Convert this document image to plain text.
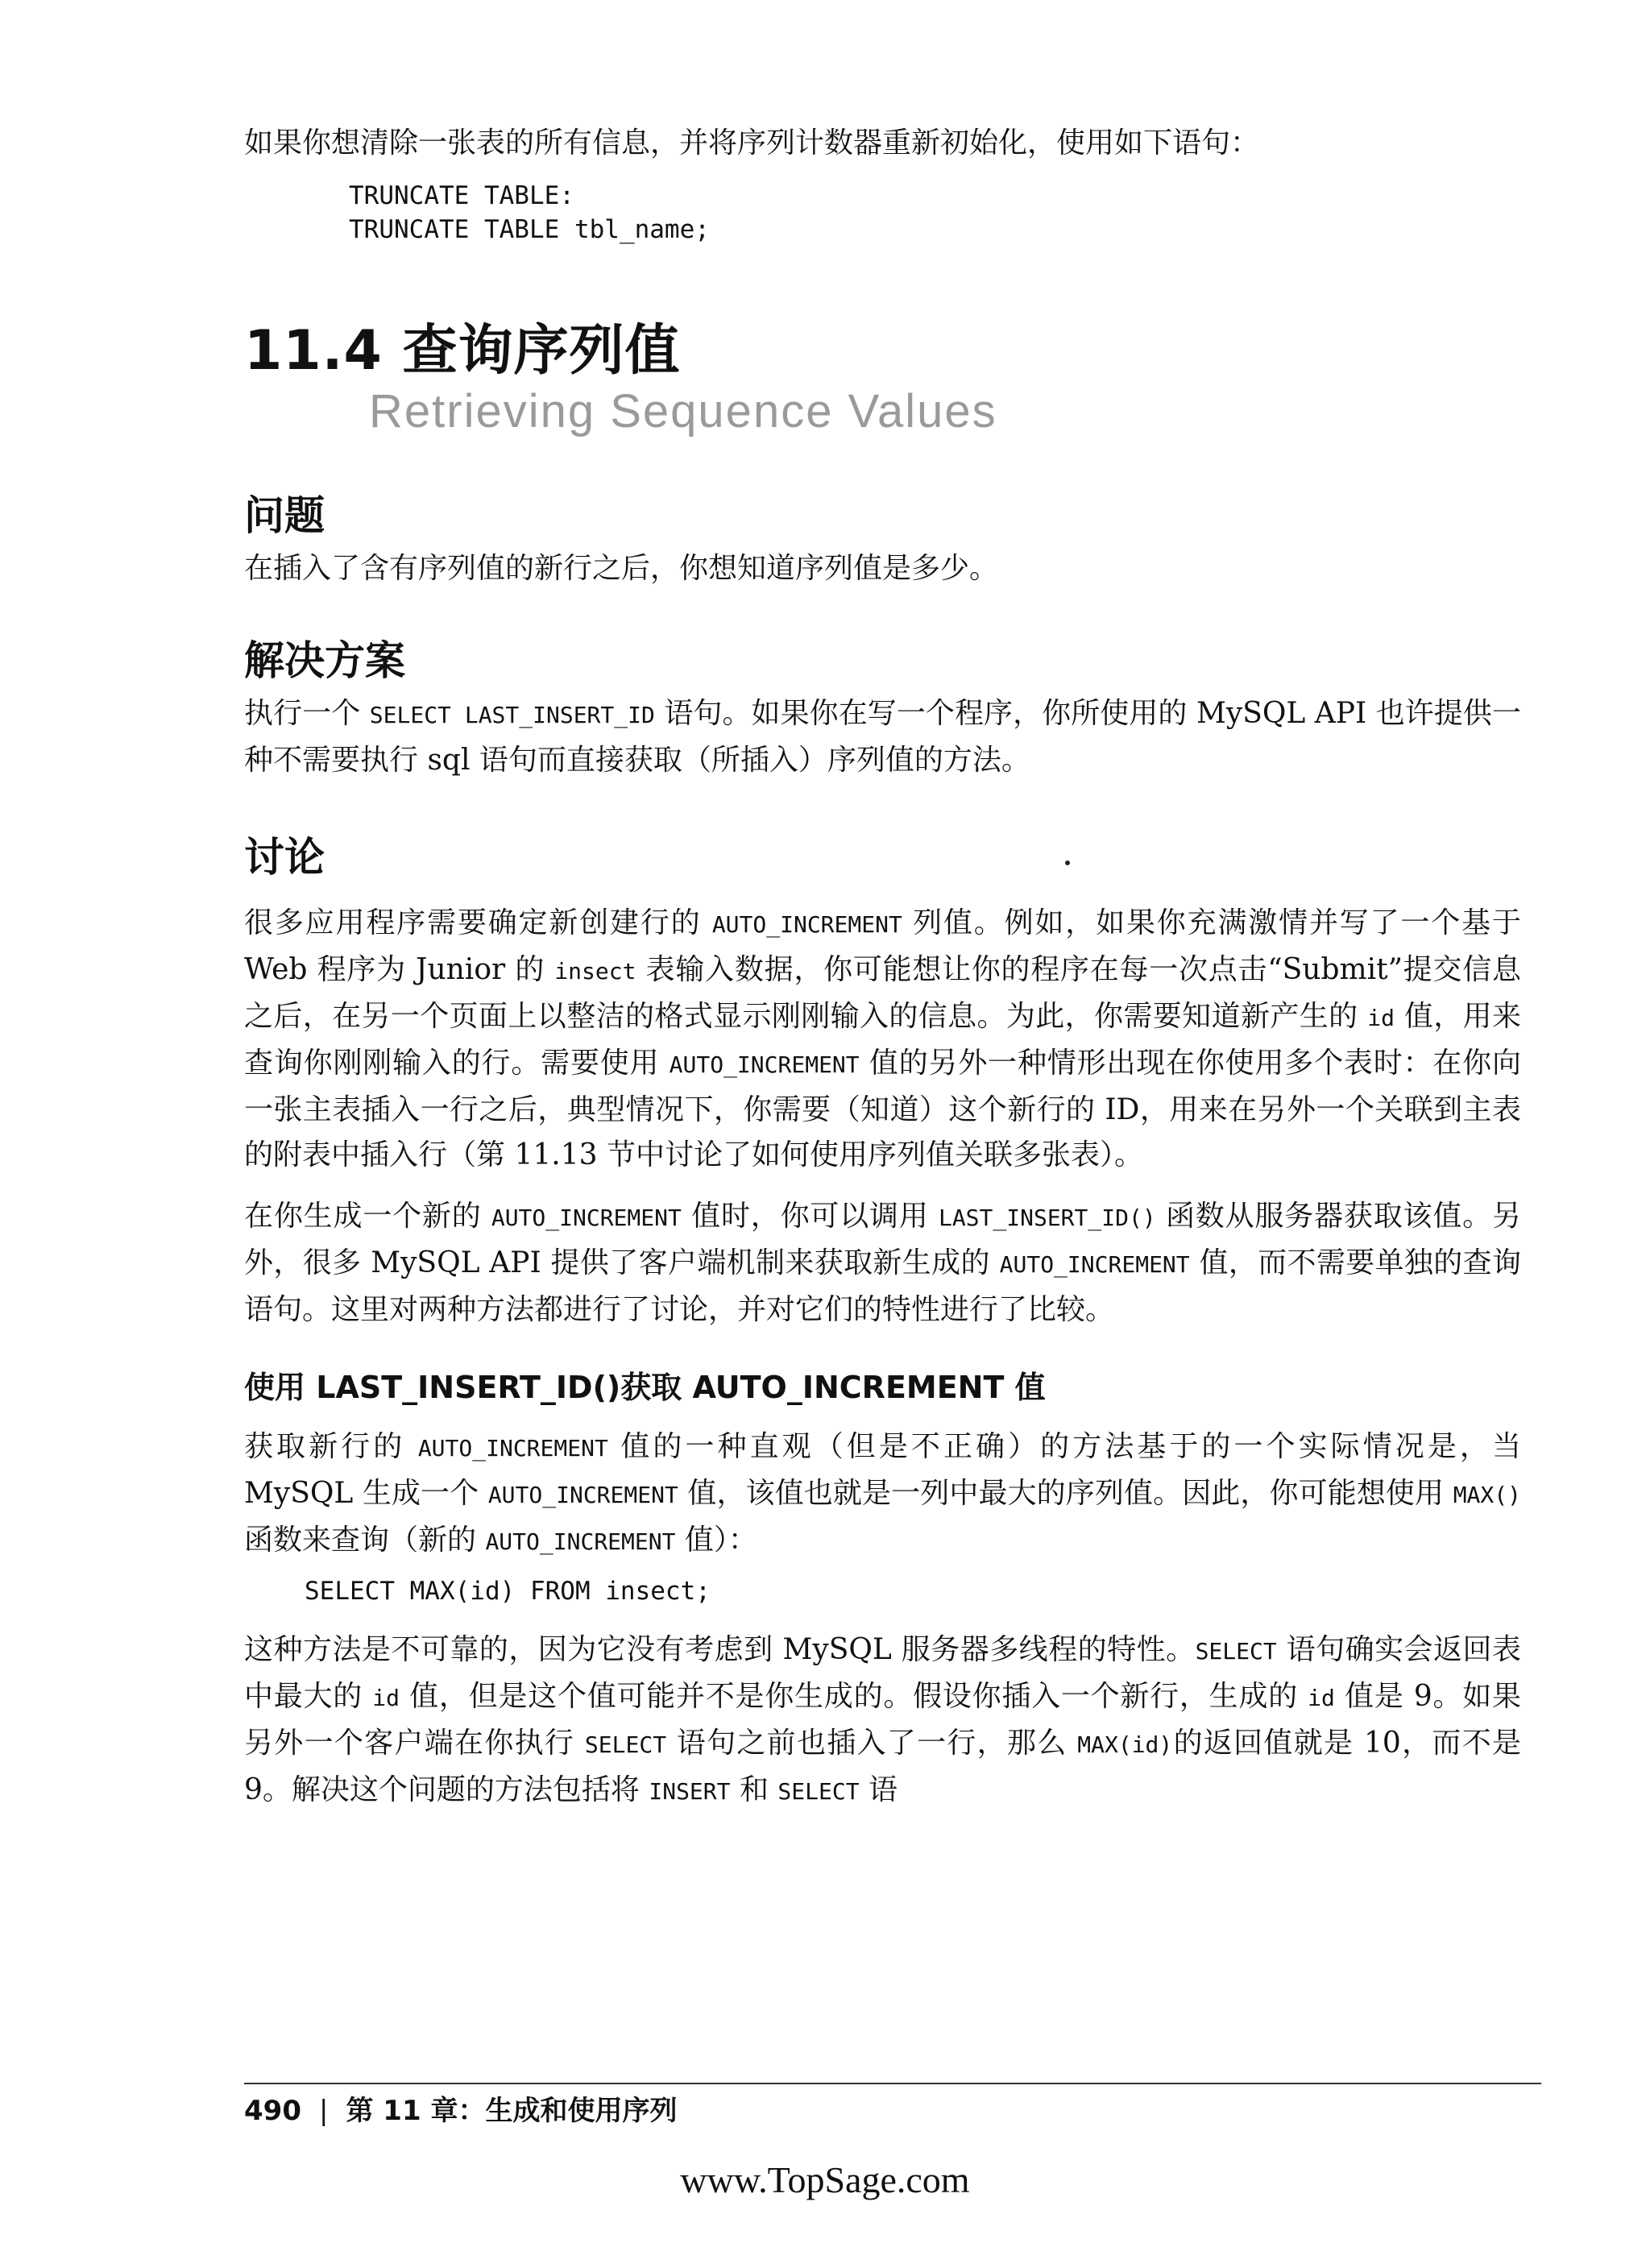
如果你想清除一张表的所有信息，并将序列计数器重新初始化，使用如下语句：

TRUNCATE TABLE:
TRUNCATE TABLE tbl_name;
11.4 查询序列值
Retrieving Sequence Values
问题

在插入了含有序列值的新行之后，你想知道序列值是多少。

解决方案

执行一个 SELECT LAST_INSERT_ID 语句。如果你在写一个程序，你所使用的 MySQL API 也许提供一种不需要执行 sql 语句而直接获取（所插入）序列值的方法。

讨论

很多应用程序需要确定新创建行的 AUTO_INCREMENT 列值。例如，如果你充满激情并写了一个基于 Web 程序为 Junior 的 insect 表输入数据，你可能想让你的程序在每一次点击“Submit”提交信息之后，在另一个页面上以整洁的格式显示刚刚输入的信息。为此，你需要知道新产生的 id 值，用来查询你刚刚输入的行。需要使用 AUTO_INCREMENT 值的另外一种情形出现在你使用多个表时：在你向一张主表插入一行之后，典型情况下，你需要（知道）这个新行的 ID，用来在另外一个关联到主表的附表中插入行（第 11.13 节中讨论了如何使用序列值关联多张表）。

在你生成一个新的 AUTO_INCREMENT 值时，你可以调用 LAST_INSERT_ID() 函数从服务器获取该值。另外，很多 MySQL API 提供了客户端机制来获取新生成的 AUTO_INCREMENT 值，而不需要单独的查询语句。这里对两种方法都进行了讨论，并对它们的特性进行了比较。

使用 LAST_INSERT_ID()获取 AUTO_INCREMENT 值

获取新行的 AUTO_INCREMENT 值的一种直观（但是不正确）的方法基于的一个实际情况是，当 MySQL 生成一个 AUTO_INCREMENT 值，该值也就是一列中最大的序列值。因此，你可能想使用 MAX() 函数来查询（新的 AUTO_INCREMENT 值）：

SELECT MAX(id) FROM insect;

这种方法是不可靠的，因为它没有考虑到 MySQL 服务器多线程的特性。SELECT 语句确实会返回表中最大的 id 值，但是这个值可能并不是你生成的。假设你插入一个新行，生成的 id 值是 9。如果另外一个客户端在你执行 SELECT 语句之前也插入了一行，那么 MAX(id)的返回值就是 10，而不是 9。解决这个问题的方法包括将 INSERT 和 SELECT 语

490 | 第 11 章：生成和使用序列
www.TopSage.com
